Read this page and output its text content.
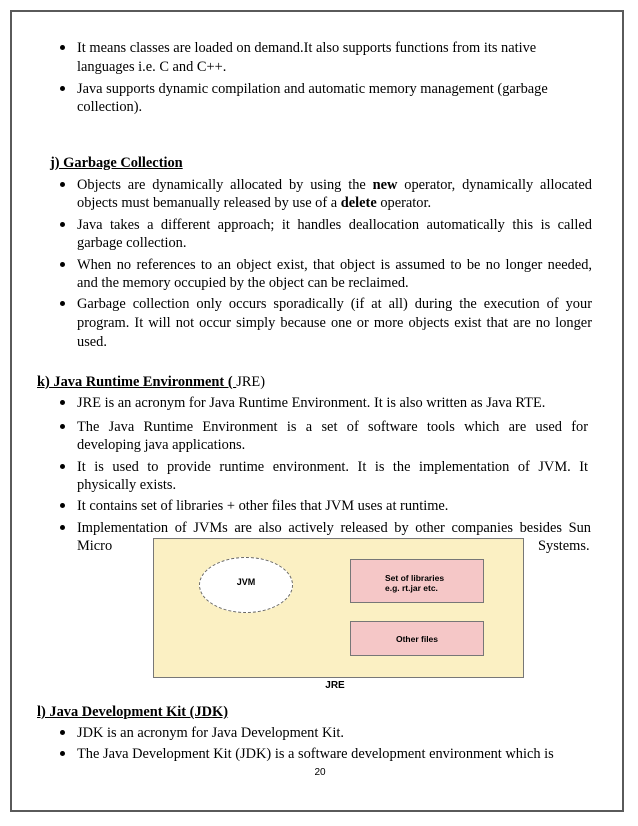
It means classes are loaded on demand.It also supports functions from its native
languages i.e. C and C++.
Java supports dynamic compilation and automatic memory management (garbage
collection).
j) Garbage Collection
Objects are dynamically allocated by using the new operator, dynamically allocated
objects must bemanually released by use of a delete operator.
Java takes a different approach; it handles deallocation automatically this is called
garbage collection.
When no references to an object exist, that object is assumed to be no longer needed,
and the memory occupied by the object can be reclaimed.
Garbage collection only occurs sporadically (if at all) during the execution of your
program. It will not occur simply because one or more objects exist that are no longer
used.
k) Java Runtime Environment ( JRE)
JRE is an acronym for Java Runtime Environment. It is also written as Java RTE.
The Java Runtime Environment is a set of software tools which are used for
developing java applications.
It is used to provide runtime environment. It is the implementation of JVM. It
physically exists.
It contains set of libraries + other files that JVM uses at runtime.
Implementation of JVMs are also actively released by other companies besides Sun
Micro	Systems.
l) Java Development Kit (JDK)
JDK is an acronym for Java Development Kit.
The Java Development Kit (JDK) is a software development environment which is
JVM	Set of libraries
e.g. rt.jar etc.
Other files
JRE
20
